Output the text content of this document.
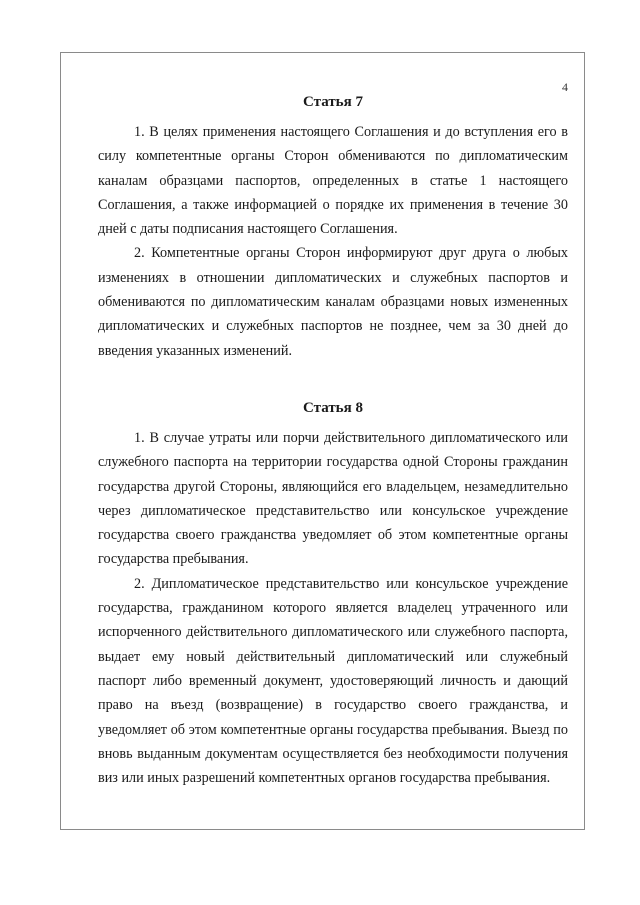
4
Статья 7

1. В целях применения настоящего Соглашения и до вступления его в силу компетентные органы Сторон обмениваются по дипломатическим каналам образцами паспортов, определенных в статье 1 настоящего Соглашения, а также информацией о порядке их применения в течение 30 дней с даты подписания настоящего Соглашения.

2. Компетентные органы Сторон информируют друг друга о любых изменениях в отношении дипломатических и служебных паспортов и обмениваются по дипломатическим каналам образцами новых измененных дипломатических и служебных паспортов не позднее, чем за 30 дней до введения указанных изменений.

Статья 8

1. В случае утраты или порчи действительного дипломатического или служебного паспорта на территории государства одной Стороны гражданин государства другой Стороны, являющийся его владельцем, незамедлительно через дипломатическое представительство или консульское учреждение государства своего гражданства уведомляет об этом компетентные органы государства пребывания.

2. Дипломатическое представительство или консульское учреждение государства, гражданином которого является владелец утраченного или испорченного действительного дипломатического или служебного паспорта, выдает ему новый действительный дипломатический или служебный паспорт либо временный документ, удостоверяющий личность и дающий право на въезд (возвращение) в государство своего гражданства, и уведомляет об этом компетентные органы государства пребывания. Выезд по вновь выданным документам осуществляется без необходимости получения виз или иных разрешений компетентных органов государства пребывания.
